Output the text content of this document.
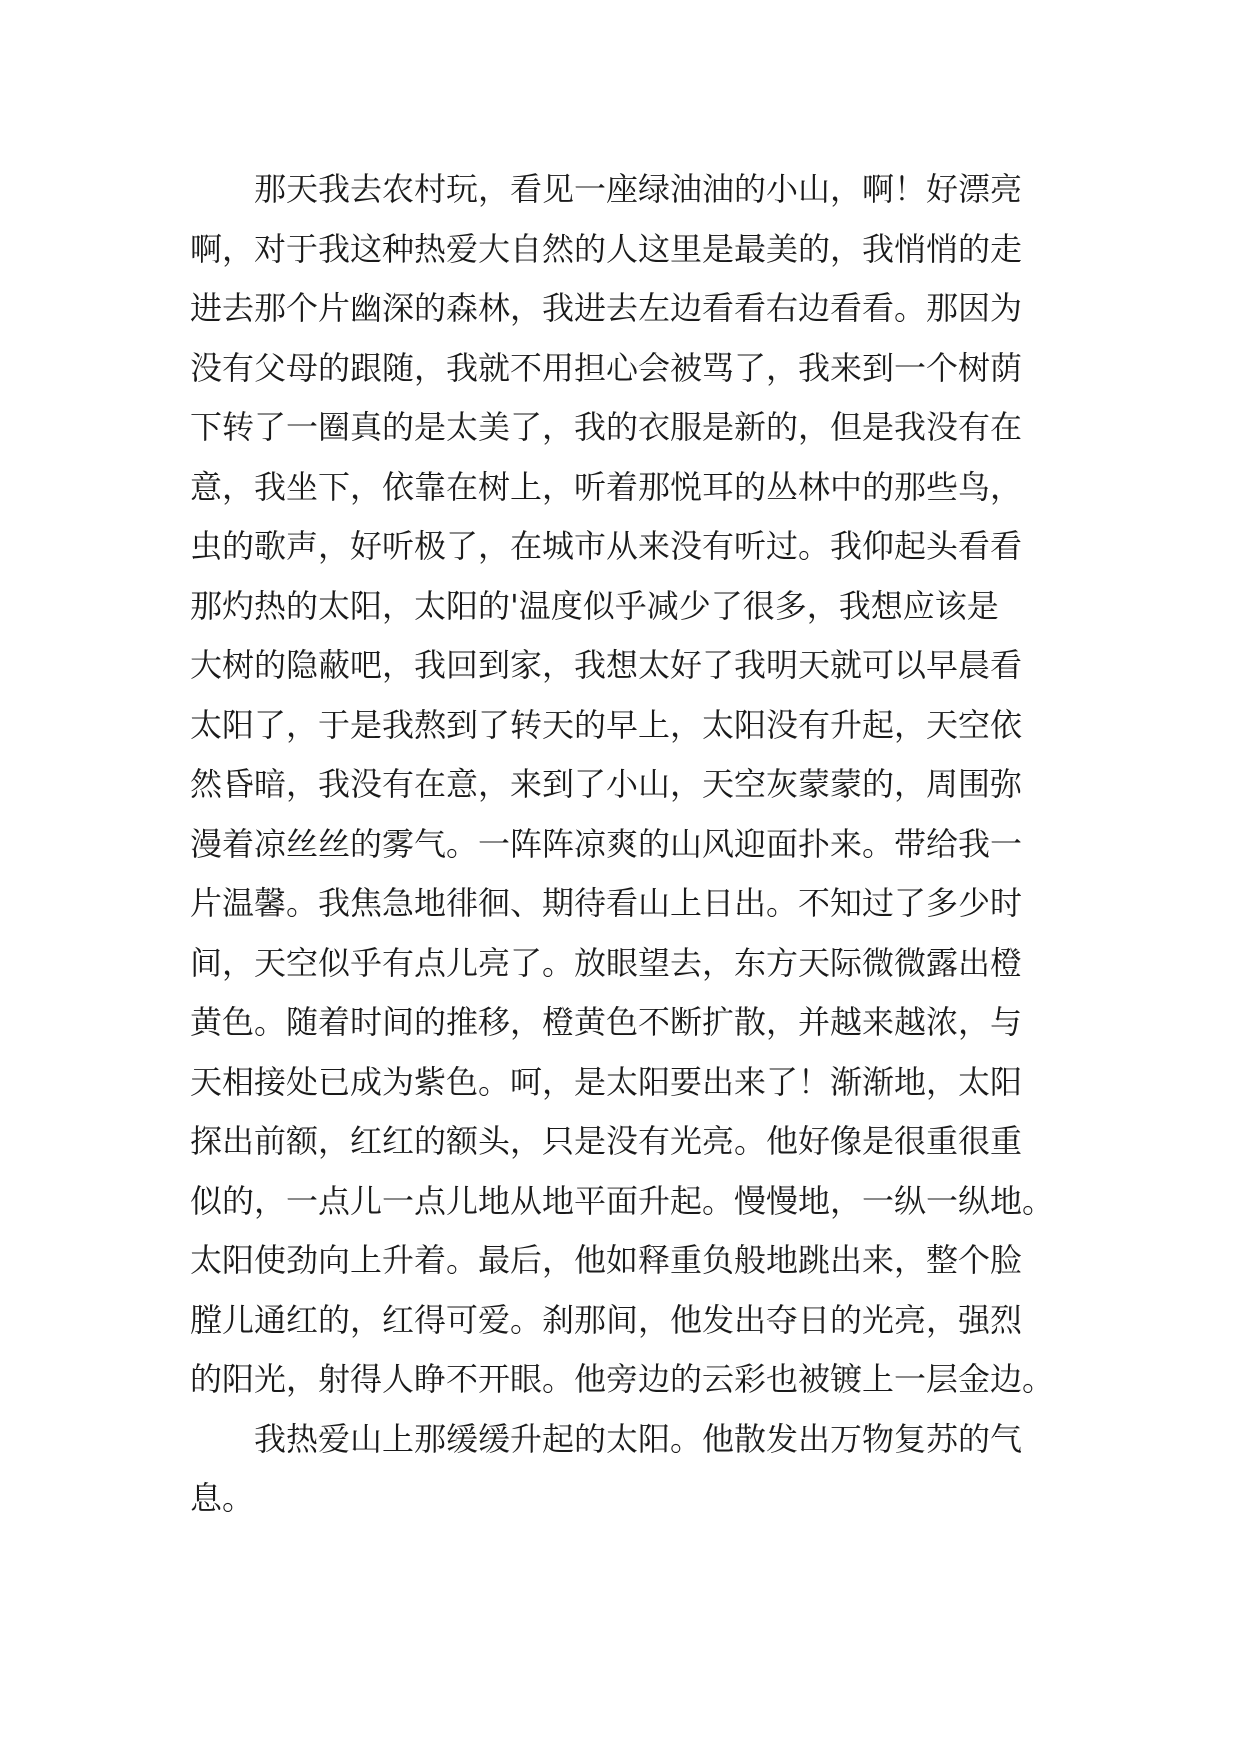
那天我去农村玩，看见一座绿油油的小山，啊！好漂亮
啊，对于我这种热爱大自然的人这里是最美的，我悄悄的走
进去那个片幽深的森林，我进去左边看看右边看看。那因为
没有父母的跟随，我就不用担心会被骂了，我来到一个树荫
下转了一圈真的是太美了，我的衣服是新的，但是我没有在
意，我坐下，依靠在树上，听着那悦耳的丛林中的那些鸟，
虫的歌声，好听极了，在城市从来没有听过。我仰起头看看
那灼热的太阳，太阳的'温度似乎减少了很多，我想应该是
大树的隐蔽吧，我回到家，我想太好了我明天就可以早晨看
太阳了，于是我熬到了转天的早上，太阳没有升起，天空依
然昏暗，我没有在意，来到了小山，天空灰蒙蒙的，周围弥
漫着凉丝丝的雾气。一阵阵凉爽的山风迎面扑来。带给我一
片温馨。我焦急地徘徊、期待看山上日出。不知过了多少时
间，天空似乎有点儿亮了。放眼望去，东方天际微微露出橙
黄色。随着时间的推移，橙黄色不断扩散，并越来越浓，与
天相接处已成为紫色。呵，是太阳要出来了！渐渐地，太阳
探出前额，红红的额头，只是没有光亮。他好像是很重很重
似的，一点儿一点儿地从地平面升起。慢慢地，一纵一纵地。
太阳使劲向上升着。最后，他如释重负般地跳出来，整个脸
膛儿通红的，红得可爱。刹那间，他发出夺日的光亮，强烈
的阳光，射得人睁不开眼。他旁边的云彩也被镀上一层金边。
我热爱山上那缓缓升起的太阳。他散发出万物复苏的气
息。
